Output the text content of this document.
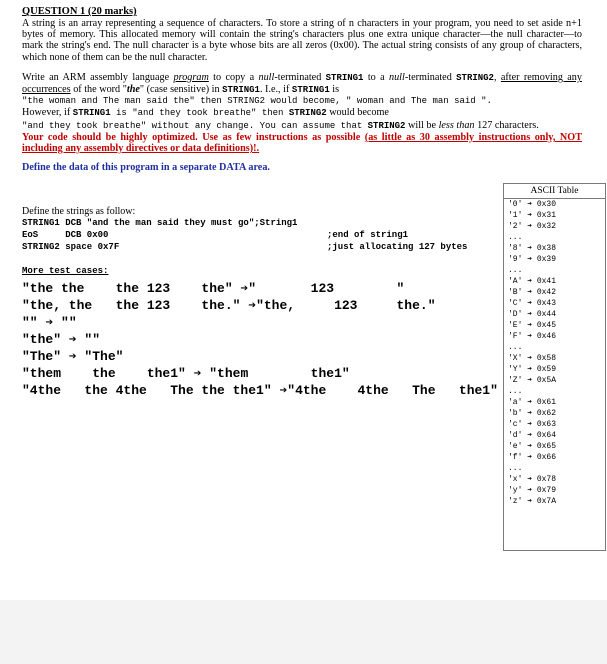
QUESTION 1 (20 marks)

A string is an array representing a sequence of characters. To store a string of n characters in your program, you need to set aside n+1 bytes of memory. This allocated memory will contain the string's characters plus one extra unique character—the null character—to mark the string's end. The null character is a byte whose bits are all zeros (0x00). The actual string consists of any group of characters, which none of them can be the null character.

Write an ARM assembly language program to copy a null-terminated STRING1 to a null-terminated STRING2, after removing any occurrences of the word "the" (case sensitive) in STRING1. I.e., if STRING1 is

"the woman and The man said the" then STRING2 would become, " woman and The man said ".

However, if STRING1 is "and they took breathe" then STRING2 would become

"and they took breathe" without any change. You can assume that STRING2 will be less than 127 characters.

Your code should be highly optimized. Use as few instructions as possible (as little as 30 assembly instructions only, NOT including any assembly directives or data definitions)!.

Define the data of this program in a separate DATA area.

Define the strings as follow:
STRING1 DCB "and the man said they must go";String1
EoS     DCB 0x00	;end of string1
STRING2 space 0x7F	;just allocating 127 bytes
More test cases:
"the the    the 123    the" ➔"       123        "
"the, the   the 123    the." ➔"the,     123     the."
"" ➔ ""
"the" ➔ ""
"The" ➔ "The"
"them    the    the1" ➔ "them        the1"
"4the   the 4the   The the the1" ➔"4the    4the   The   the1"
ASCII Table
'0' ➔ 0x30
'1' ➔ 0x31
'2' ➔ 0x32
...
'8' ➔ 0x38
'9' ➔ 0x39
...
'A' ➔ 0x41
'B' ➔ 0x42
'C' ➔ 0x43
'D' ➔ 0x44
'E' ➔ 0x45
'F' ➔ 0x46
...
'X' ➔ 0x58
'Y' ➔ 0x59
'Z' ➔ 0x5A
...
'a' ➔ 0x61
'b' ➔ 0x62
'c' ➔ 0x63
'd' ➔ 0x64
'e' ➔ 0x65
'f' ➔ 0x66
...
'x' ➔ 0x78
'y' ➔ 0x79
'z' ➔ 0x7A
